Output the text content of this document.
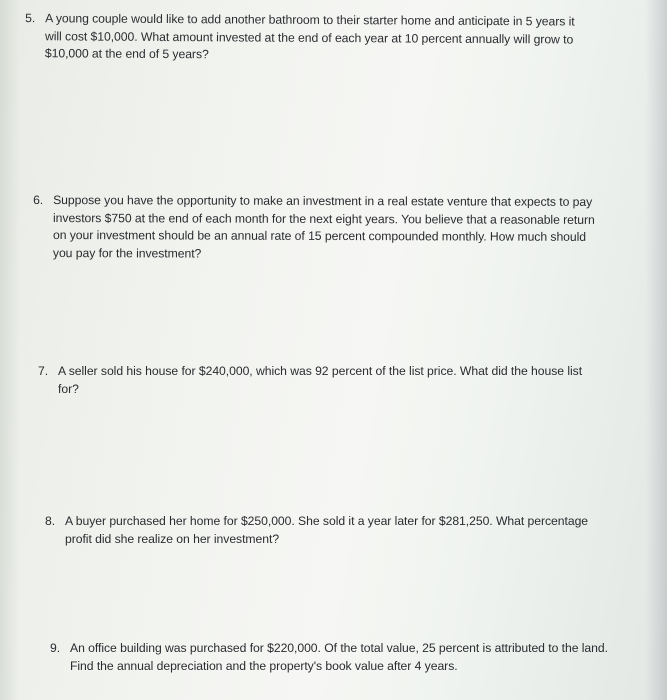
5. A young couple would like to add another bathroom to their starter home and anticipate in 5 years it
will cost $10,000. What amount invested at the end of each year at 10 percent annually will grow to
$10,000 at the end of 5 years?
6. Suppose you have the opportunity to make an investment in a real estate venture that expects to pay
investors $750 at the end of each month for the next eight years. You believe that a reasonable return
on your investment should be an annual rate of 15 percent compounded monthly. How much should
you pay for the investment?
7. A seller sold his house for $240,000, which was 92 percent of the list price. What did the house list
for?
8. A buyer purchased her home for $250,000. She sold it a year later for $281,250. What percentage
profit did she realize on her investment?
9. An office building was purchased for $220,000. Of the total value, 25 percent is attributed to the land.
Find the annual depreciation and the property's book value after 4 years.
